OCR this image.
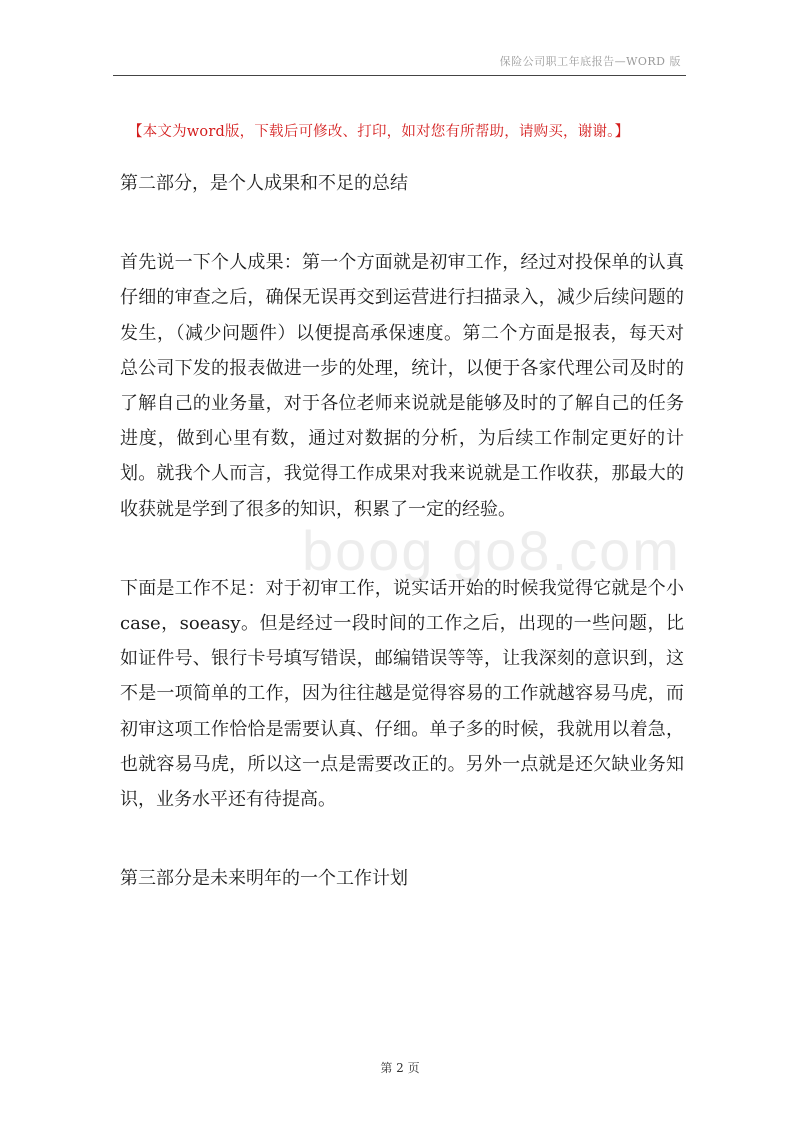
保险公司职工年底报告—WORD 版
【本文为word版，下载后可修改、打印，如对您有所帮助，请购买，谢谢。】

第二部分，是个人成果和不足的总结

首先说一下个人成果：第一个方面就是初审工作，经过对投保单的认真仔细的审查之后，确保无误再交到运营进行扫描录入，减少后续问题的发生，（减少问题件）以便提高承保速度。第二个方面是报表，每天对总公司下发的报表做进一步的处理，统计，以便于各家代理公司及时的了解自己的业务量，对于各位老师来说就是能够及时的了解自己的任务进度，做到心里有数，通过对数据的分析，为后续工作制定更好的计划。就我个人而言，我觉得工作成果对我来说就是工作收获，那最大的收获就是学到了很多的知识，积累了一定的经验。

下面是工作不足：对于初审工作，说实话开始的时候我觉得它就是个小 case，soeasy。但是经过一段时间的工作之后，出现的一些问题，比如证件号、银行卡号填写错误，邮编错误等等，让我深刻的意识到，这不是一项简单的工作，因为往往越是觉得容易的工作就越容易马虎，而初审这项工作恰恰是需要认真、仔细。单子多的时候，我就用以着急，也就容易马虎，所以这一点是需要改正的。另外一点就是还欠缺业务知识，业务水平还有待提高。

第三部分是未来明年的一个工作计划

boog go8.com
第 2 页
